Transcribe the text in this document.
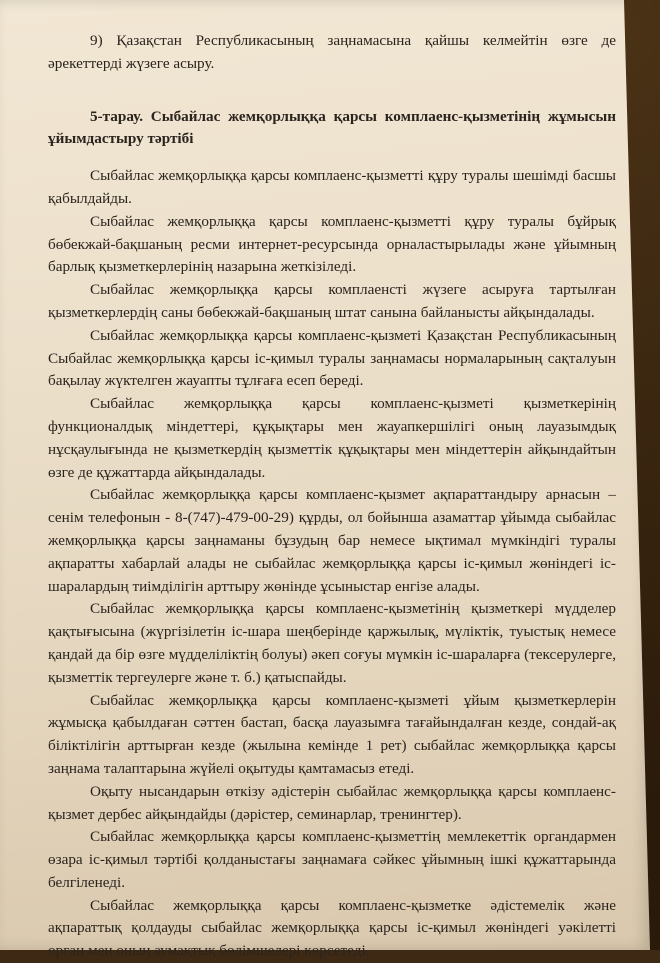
9) Қазақстан Республикасының заңнамасына қайшы келмейтін өзге де әрекеттерді жүзеге асыру.

5-тарау. Сыбайлас жемқорлыққа қарсы комплаенс-қызметінің жұмысын ұйымдастыру тәртібі

Сыбайлас жемқорлыққа қарсы комплаенс-қызметті құру туралы шешімді басшы қабылдайды.

Сыбайлас жемқорлыққа қарсы комплаенс-қызметті құру туралы бұйрық бөбекжай-бақшаның ресми интернет-ресурсында орналастырылады және ұйымның барлық қызметкерлерінің назарына жеткізіледі.

Сыбайлас жемқорлыққа қарсы комплаенсті жүзеге асыруға тартылған қызметкерлердің саны бөбекжай-бақшаның штат санына байланысты айқындалады.

Сыбайлас жемқорлыққа қарсы комплаенс-қызметі Қазақстан Республикасының Сыбайлас жемқорлыққа қарсы іс-қимыл туралы заңнамасы нормаларының сақталуын бақылау жүктелген жауапты тұлғаға есеп береді.

Сыбайлас жемқорлыққа қарсы комплаенс-қызметі қызметкерінің функционалдық міндеттері, құқықтары мен жауапкершілігі оның лауазымдық нұсқаулығында не қызметкердің қызметтік құқықтары мен міндеттерін айқындайтын өзге де құжаттарда айқындалады.

Сыбайлас жемқорлыққа қарсы комплаенс-қызмет ақпараттандыру арнасын – сенім телефонын - 8-(747)-479-00-29) құрды, ол бойынша азаматтар ұйымда сыбайлас жемқорлыққа қарсы заңнаманы бұзудың бар немесе ықтимал мүмкіндігі туралы ақпаратты хабарлай алады не сыбайлас жемқорлыққа қарсы іс-қимыл жөніндегі іс-шаралардың тиімділігін арттыру жөнінде ұсыныстар енгізе алады.

Сыбайлас жемқорлыққа қарсы комплаенс-қызметінің қызметкері мүдделер қақтығысына (жүргізілетін іс-шара шеңберінде қаржылық, мүліктік, туыстық немесе қандай да бір өзге мүдделіліктің болуы) әкеп соғуы мүмкін іс-шараларға (тексерулерге, қызметтік тергеулерге және т. б.) қатыспайды.

Сыбайлас жемқорлыққа қарсы комплаенс-қызметі ұйым қызметкерлерін жұмысқа қабылдаған сәттен бастап, басқа лауазымға тағайындалған кезде, сондай-ақ біліктілігін арттырған кезде (жылына кемінде 1 рет) сыбайлас жемқорлыққа қарсы заңнама талаптарына жүйелі оқытуды қамтамасыз етеді.

Оқыту нысандарын өткізу әдістерін сыбайлас жемқорлыққа қарсы комплаенс-қызмет дербес айқындайды (дәрістер, семинарлар, тренингтер).

Сыбайлас жемқорлыққа қарсы комплаенс-қызметтің мемлекеттік органдармен өзара іс-қимыл тәртібі қолданыстағы заңнамаға сәйкес ұйымның ішкі құжаттарында белгіленеді.

Сыбайлас жемқорлыққа қарсы комплаенс-қызметке әдістемелік және ақпараттық қолдауды сыбайлас жемқорлыққа қарсы іс-қимыл жөніндегі уәкілетті орган мен оның аумақтық бөлімшелері көрсетеді.
